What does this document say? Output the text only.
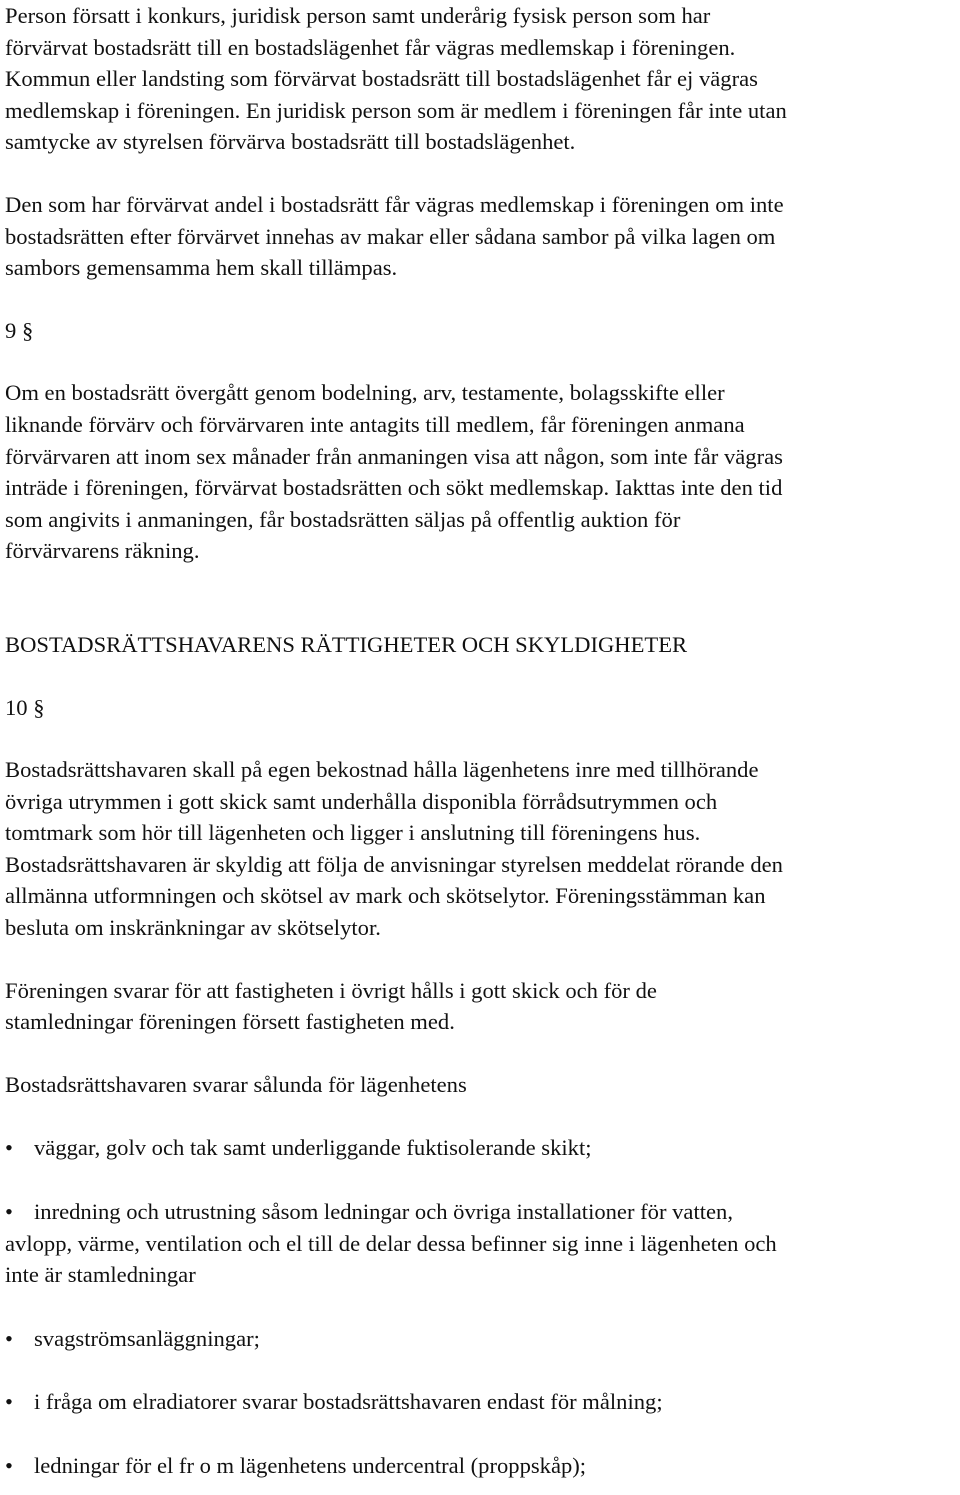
Person försatt i konkurs, juridisk person samt underårig fysisk person som har
förvärvat bostadsrätt till en bostadslägenhet får vägras medlemskap i föreningen.
Kommun eller landsting som förvärvat bostadsrätt till bostadslägenhet får ej vägras
medlemskap i föreningen. En juridisk person som är medlem i föreningen får inte utan
samtycke av styrelsen förvärva bostadsrätt till bostadslägenhet.

Den som har förvärvat andel i bostadsrätt får vägras medlemskap i föreningen om inte
bostadsrätten efter förvärvet innehas av makar eller sådana sambor på vilka lagen om
sambors gemensamma hem skall tillämpas.

9 §

Om en bostadsrätt övergått genom bodelning, arv, testamente, bolagsskifte eller
liknande förvärv och förvärvaren inte antagits till medlem, får föreningen anmana
förvärvaren att inom sex månader från anmaningen visa att någon, som inte får vägras
inträde i föreningen, förvärvat bostadsrätten och sökt medlemskap. Iakttas inte den tid
som angivits i anmaningen, får bostadsrätten säljas på offentlig auktion för
förvärvarens räkning.

BOSTADSRÄTTSHAVARENS RÄTTIGHETER OCH SKYLDIGHETER

10 §

Bostadsrättshavaren skall på egen bekostnad hålla lägenhetens inre med tillhörande
övriga utrymmen i gott skick samt underhålla disponibla förrådsutrymmen och
tomtmark som hör till lägenheten och ligger i anslutning till föreningens hus.
Bostadsrättshavaren är skyldig att följa de anvisningar styrelsen meddelat rörande den
allmänna utformningen och skötsel av mark och skötselytor. Föreningsstämman kan
besluta om inskränkningar av skötselytor.

Föreningen svarar för att fastigheten i övrigt hålls i gott skick och för de
stamledningar föreningen försett fastigheten med.

Bostadsrättshavaren svarar sålunda för lägenhetens

• väggar, golv och tak samt underliggande fuktisolerande skikt;

• inredning och utrustning såsom ledningar och övriga installationer för vatten,
avlopp, värme, ventilation och el till de delar dessa befinner sig inne i lägenheten och
inte är stamledningar

• svagströmsanläggningar;

• i fråga om elradiatorer svarar bostadsrättshavaren endast för målning;

• ledningar för el fr o m lägenhetens undercentral (proppskåp);
